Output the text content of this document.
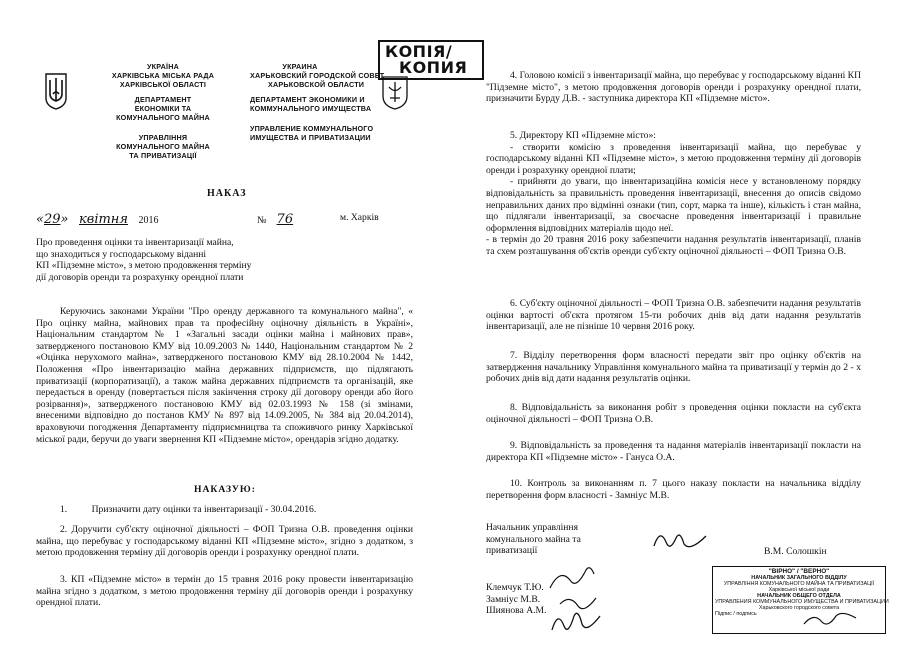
УКРАЇНА
ХАРКІВСЬКА МІСЬКА РАДА
ХАРКІВСЬКОЇ ОБЛАСТІ
ДЕПАРТАМЕНТ
ЕКОНОМІКИ ТА
КОМУНАЛЬНОГО МАЙНА
УПРАВЛІННЯ
КОМУНАЛЬНОГО МАЙНА
ТА ПРИВАТИЗАЦІЇ
УКРАИНА
ХАРЬКОВСКИЙ ГОРОДСКОЙ СОВЕТ
ХАРЬКОВСКОЙ ОБЛАСТИ
ДЕПАРТАМЕНТ ЭКОНОМИКИ И
КОММУНАЛЬНОГО ИМУЩЕСТВА
УПРАВЛЕНИЕ КОММУНАЛЬНОГО
ИМУЩЕСТВА И ПРИВАТИЗАЦИИ
КОПІЯ/
КОПИЯ
НАКАЗ
«29» квітня 2016	№ 76	м. Харків
Про проведення оцінки та інвентаризації майна,
що знаходиться у господарському віданні
КП «Підземне місто», з метою продовження терміну
дії договорів оренди та розрахунку орендної плати

Керуючись законами України "Про оренду державного та комунального майна", « Про оцінку майна, майнових прав та професійну оціночну діяльність в Україні», Національним стандартом № 1 «Загальні засади оцінки майна і майнових прав», затвердженого постановою КМУ від 10.09.2003 № 1440, Національним стандартом № 2 «Оцінка нерухомого майна», затвердженого постановою КМУ від 28.10.2004 № 1442, Положення «Про інвентаризацію майна державних підприємств, що підлягають приватизації (корпоратизації), а також майна державних підприємств та організацій, яке передається в оренду (повертається після закінчення строку дії договору оренди або його розірвання)», затвердженого постановою КМУ від 02.03.1993 № 158 (зі змінами, внесеними відповідно до постанов КМУ № 897 від 14.09.2005, № 384 від 20.04.2014), враховуючи погодження Департаменту підприємництва та споживчого ринку Харківської міської ради, беручи до уваги звернення КП «Підземне місто», орендарів згідно додатку.

НАКАЗУЮ:
1.	Призначити дату оцінки та інвентаризації - 30.04.2016.

2. Доручити суб'єкту оціночної діяльності – ФОП Тризна О.В. проведення оцінки майна, що перебуває у господарському віданні КП «Підземне місто», згідно з додатком, з метою продовження терміну дії договорів оренди і розрахунку орендної плати.

3. КП «Підземне місто» в термін до 15 травня 2016 року провести інвентаризацію майна згідно з додатком, з метою продовження терміну дії договорів оренди і розрахунку орендної плати.

4. Головою комісії з інвентаризації майна, що перебуває у господарському віданні КП "Підземне місто", з метою продовження договорів оренди і розрахунку орендної плати, призначити Бурду Д.В. - заступника директора КП «Підземне місто».

5. Директору КП «Підземне місто»:

- створити комісію з проведення інвентаризації майна, що перебуває у господарському віданні КП «Підземне місто», з метою продовження терміну дії договорів оренди і розрахунку орендної плати;

- прийняти до уваги, що інвентаризаційна комісія несе у встановленому порядку відповідальність за правильність проведення інвентаризації, внесення до описів свідомо неправильних даних про відмінні ознаки (тип, сорт, марка та інше), кількість і стан майна, що підлягали інвентаризації, за своєчасне проведення інвентаризації і правильне оформлення відповідних матеріалів щодо неї.

- в термін до 20 травня 2016 року забезпечити надання результатів інвентаризації, планів та схем розташування об'єктів оренди суб'єкту оціночної діяльності – ФОП Тризна О.В.

6. Суб'єкту оціночної діяльності – ФОП Тризна О.В. забезпечити надання результатів оцінки вартості об'єкта протягом 15-ти робочих днів від дати надання результатів інвентаризації, але не пізніше 10 червня 2016 року.

7. Відділу перетворення форм власності передати звіт про оцінку об'єктів на затвердження начальнику Управління комунального майна та приватизації у термін до 2 - х робочих днів від дати надання результатів оцінки.

8. Відповідальність за виконання робіт з проведення оцінки покласти на суб'єкта оціночної діяльності – ФОП Тризна О.В.

9. Відповідальність за проведення та надання матеріалів інвентаризації покласти на директора КП «Підземне місто» - Гануса О.А.

10. Контроль за виконанням п. 7 цього наказу покласти на начальника відділу перетворення форм власності - Замніус М.В.

Начальник управління
комунального майна та
приватизації	В.М. Солошкін
Клемчук Т.Ю.
Замніус М.В.
Шиянова А.М.
"ВІРНО" / "ВЕРНО"
НАЧАЛЬНИК ЗАГАЛЬНОГО ВІДДІЛУ
УПРАВЛІННЯ КОМУНАЛЬНОГО МАЙНА ТА ПРИВАТИЗАЦІЇ
Харківської міської ради
НАЧАЛЬНИК ОБЩЕГО ОТДЕЛА
УПРАВЛЕНИЯ КОММУНАЛЬНОГО ИМУЩЕСТВА И ПРИВАТИЗАЦИИ
Харьковского городского совета
Підпис / подпись
